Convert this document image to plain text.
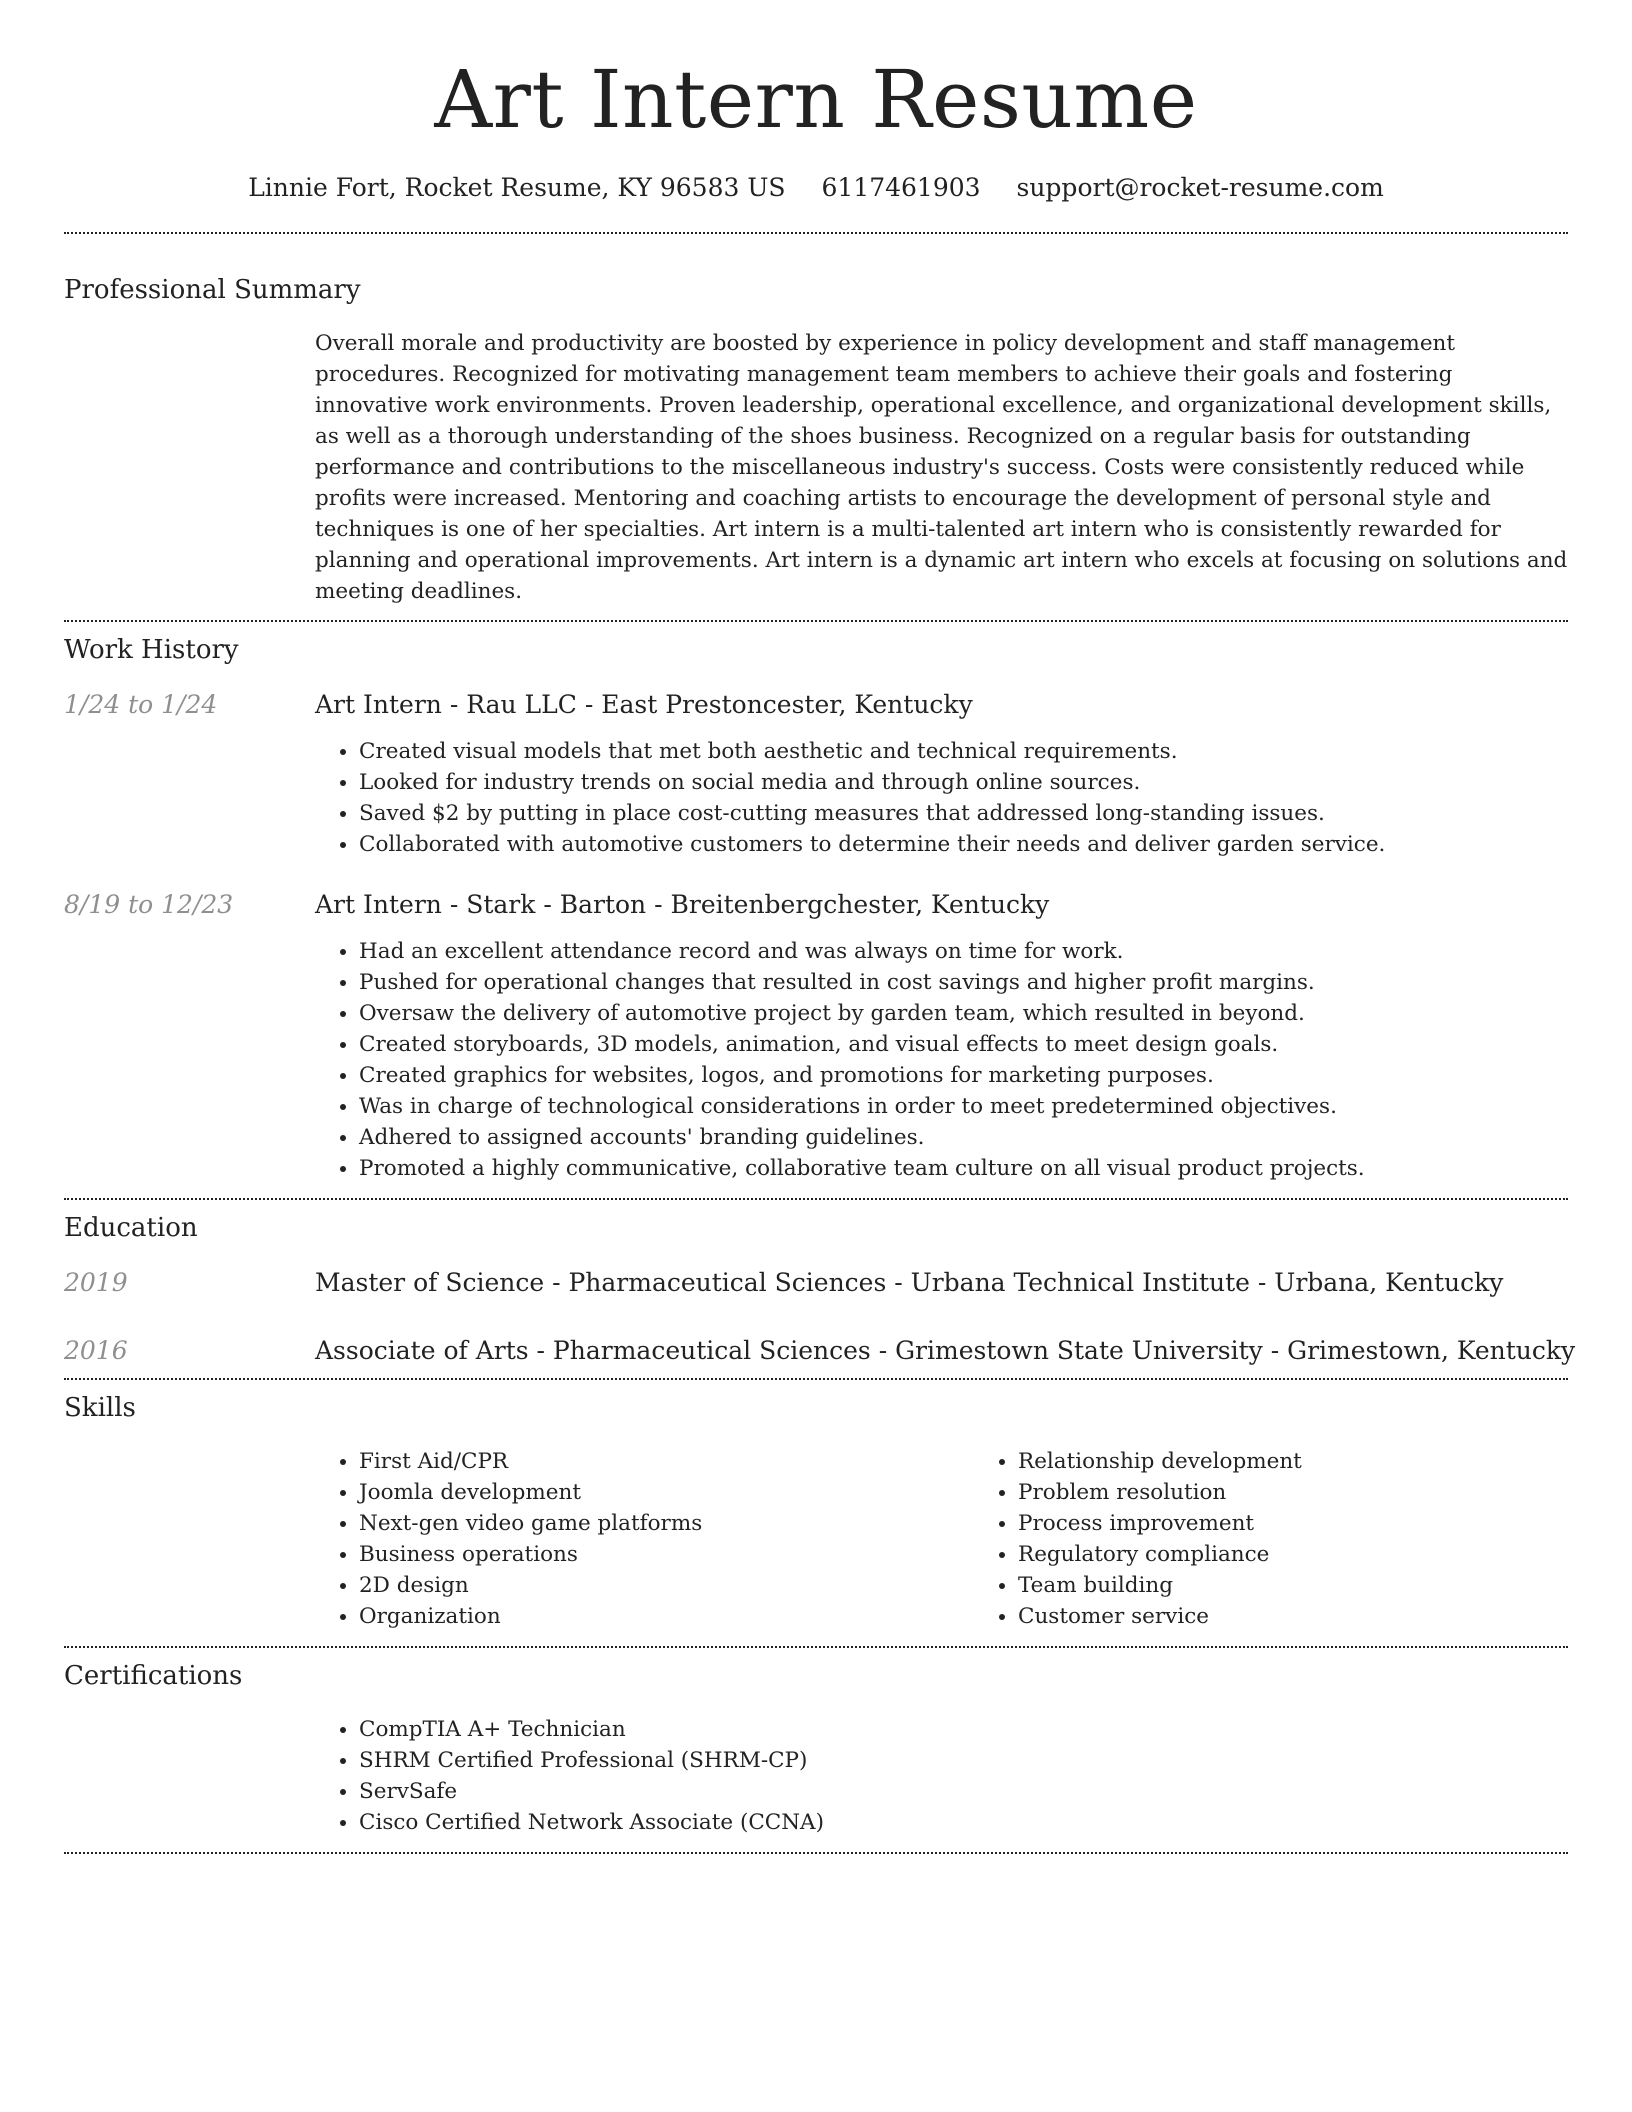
Art Intern Resume
Linnie Fort, Rocket Resume, KY 96583 US 6117461903 support@rocket-resume.com
Professional Summary

Overall morale and productivity are boosted by experience in policy development and staff management procedures. Recognized for motivating management team members to achieve their goals and fostering innovative work environments. Proven leadership, operational excellence, and organizational development skills, as well as a thorough understanding of the shoes business. Recognized on a regular basis for outstanding performance and contributions to the miscellaneous industry's success. Costs were consistently reduced while profits were increased. Mentoring and coaching artists to encourage the development of personal style and techniques is one of her specialties. Art intern is a multi-talented art intern who is consistently rewarded for planning and operational improvements. Art intern is a dynamic art intern who excels at focusing on solutions and meeting deadlines.

Work History
1/24 to 1/24	Art Intern - Rau LLC - East Prestoncester, Kentucky

• Created visual models that met both aesthetic and technical requirements.
• Looked for industry trends on social media and through online sources.
• Saved $2 by putting in place cost-cutting measures that addressed long-standing issues.
• Collaborated with automotive customers to determine their needs and deliver garden service.
8/19 to 12/23	Art Intern - Stark - Barton - Breitenbergchester, Kentucky

• Had an excellent attendance record and was always on time for work.
• Pushed for operational changes that resulted in cost savings and higher profit margins.
• Oversaw the delivery of automotive project by garden team, which resulted in beyond.
• Created storyboards, 3D models, animation, and visual effects to meet design goals.
• Created graphics for websites, logos, and promotions for marketing purposes.
• Was in charge of technological considerations in order to meet predetermined objectives.
• Adhered to assigned accounts' branding guidelines.
• Promoted a highly communicative, collaborative team culture on all visual product projects.
Education
2019	Master of Science - Pharmaceutical Sciences - Urbana Technical Institute - Urbana, Kentucky

2016	Associate of Arts - Pharmaceutical Sciences - Grimestown State University - Grimestown, Kentucky

Skills
• First Aid/CPR
• Joomla development
• Next-gen video game platforms
• Business operations
• 2D design
• Organization
• Relationship development
• Problem resolution
• Process improvement
• Regulatory compliance
• Team building
• Customer service
Certifications
• CompTIA A+ Technician
• SHRM Certified Professional (SHRM-CP)
• ServSafe
• Cisco Certified Network Associate (CCNA)
